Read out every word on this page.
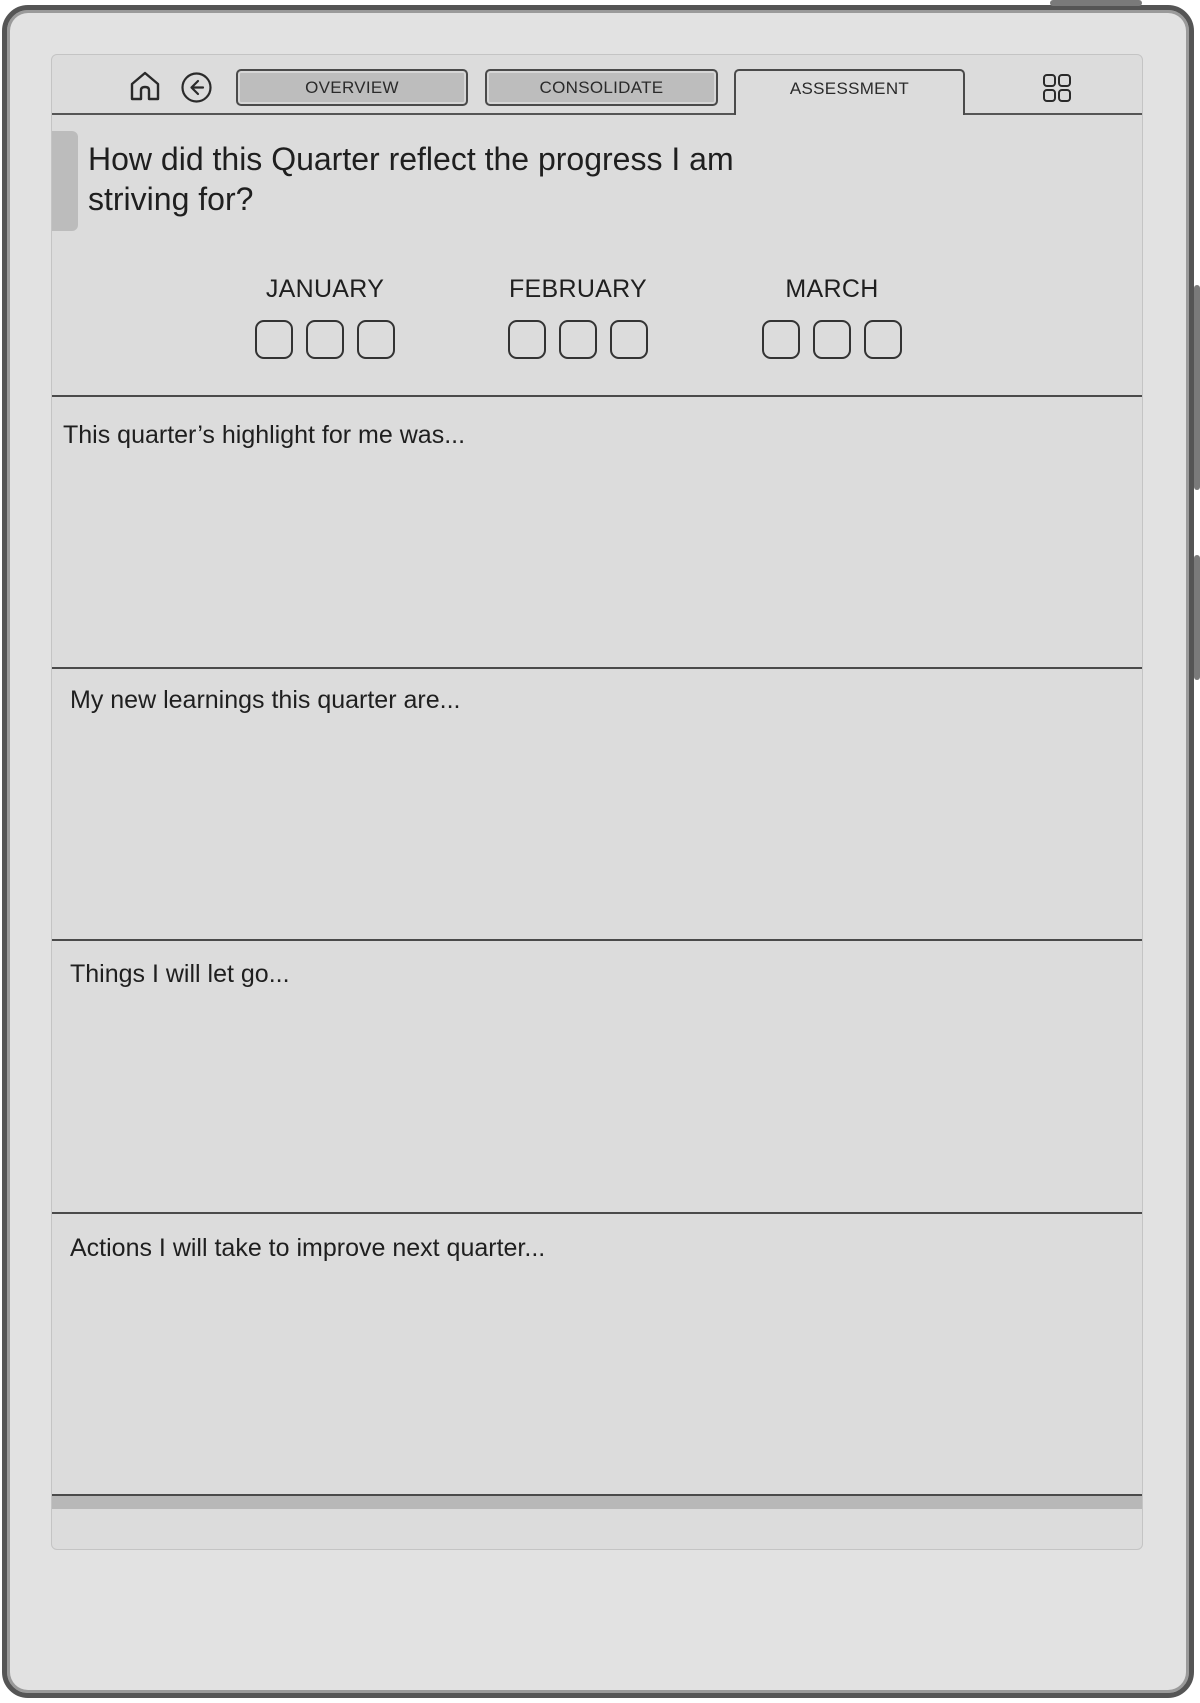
OVERVIEW	CONSOLIDATE	ASSESSMENT
How did this Quarter reflect the progress I am striving for?
JANUARY	FEBRUARY	MARCH
This quarter’s highlight for me was...
My new learnings this quarter are...
Things I will let go...
Actions I will take to improve next quarter...
